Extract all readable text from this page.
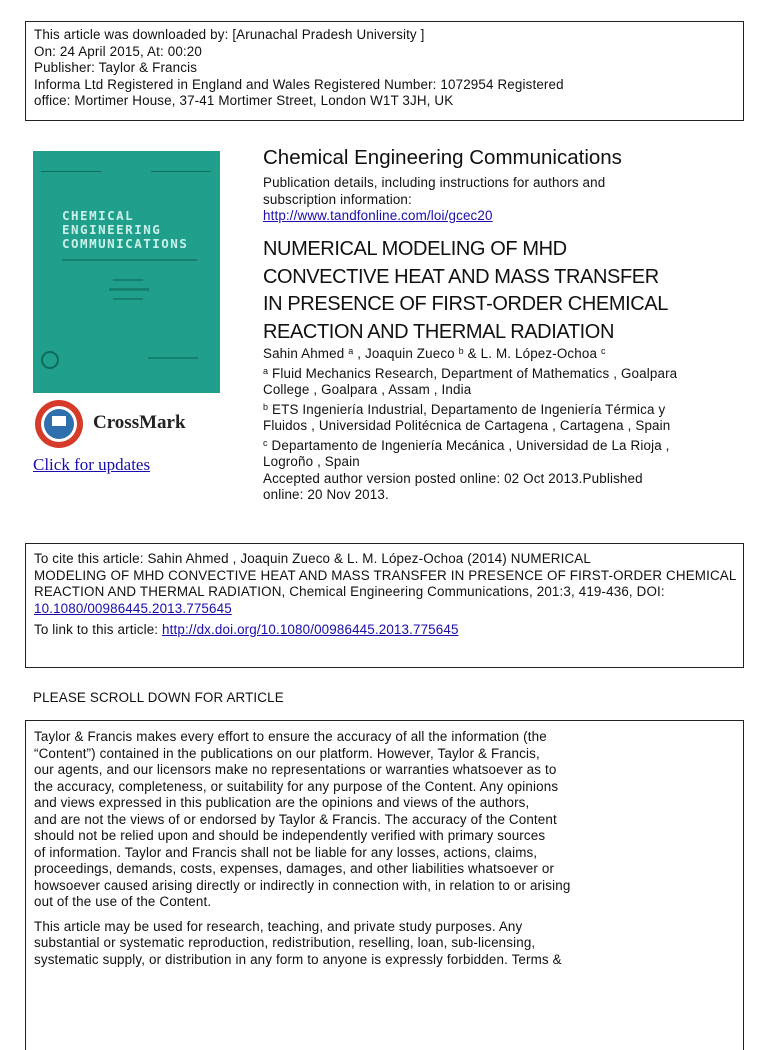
This article was downloaded by: [Arunachal Pradesh University ]
On: 24 April 2015, At: 00:20
Publisher: Taylor & Francis
Informa Ltd Registered in England and Wales Registered Number: 1072954 Registered
office: Mortimer House, 37-41 Mortimer Street, London W1T 3JH, UK
CHEMICAL
ENGINEERING
COMMUNICATIONS
CrossMark
Click for updates
Chemical Engineering Communications
Publication details, including instructions for authors and
subscription information:
http://www.tandfonline.com/loi/gcec20
NUMERICAL MODELING OF MHD
CONVECTIVE HEAT AND MASS TRANSFER
IN PRESENCE OF FIRST-ORDER CHEMICAL
REACTION AND THERMAL RADIATION
Sahin Ahmed $^a$ , Joaquin Zueco $^b$ & L. M. López-Ochoa $^c$
$^a$ Fluid Mechanics Research, Department of Mathematics , Goalpara
College , Goalpara , Assam , India
$^b$ ETS Ingeniería Industrial, Departamento de Ingeniería Térmica y
Fluidos , Universidad Politécnica de Cartagena , Cartagena , Spain
$^c$ Departamento de Ingeniería Mecánica , Universidad de La Rioja ,
Logroño , Spain
Accepted author version posted online: 02 Oct 2013.Published
online: 20 Nov 2013.
To cite this article: Sahin Ahmed , Joaquin Zueco & L. M. López-Ochoa (2014) NUMERICAL
MODELING OF MHD CONVECTIVE HEAT AND MASS TRANSFER IN PRESENCE OF FIRST-ORDER CHEMICAL
REACTION AND THERMAL RADIATION, Chemical Engineering Communications, 201:3, 419-436, DOI:
10.1080/00986445.2013.775645
To link to this article: http://dx.doi.org/10.1080/00986445.2013.775645
PLEASE SCROLL DOWN FOR ARTICLE
Taylor & Francis makes every effort to ensure the accuracy of all the information (the
“Content”) contained in the publications on our platform. However, Taylor & Francis,
our agents, and our licensors make no representations or warranties whatsoever as to
the accuracy, completeness, or suitability for any purpose of the Content. Any opinions
and views expressed in this publication are the opinions and views of the authors,
and are not the views of or endorsed by Taylor & Francis. The accuracy of the Content
should not be relied upon and should be independently verified with primary sources
of information. Taylor and Francis shall not be liable for any losses, actions, claims,
proceedings, demands, costs, expenses, damages, and other liabilities whatsoever or
howsoever caused arising directly or indirectly in connection with, in relation to or arising
out of the use of the Content.
This article may be used for research, teaching, and private study purposes. Any
substantial or systematic reproduction, redistribution, reselling, loan, sub-licensing,
systematic supply, or distribution in any form to anyone is expressly forbidden. Terms &
